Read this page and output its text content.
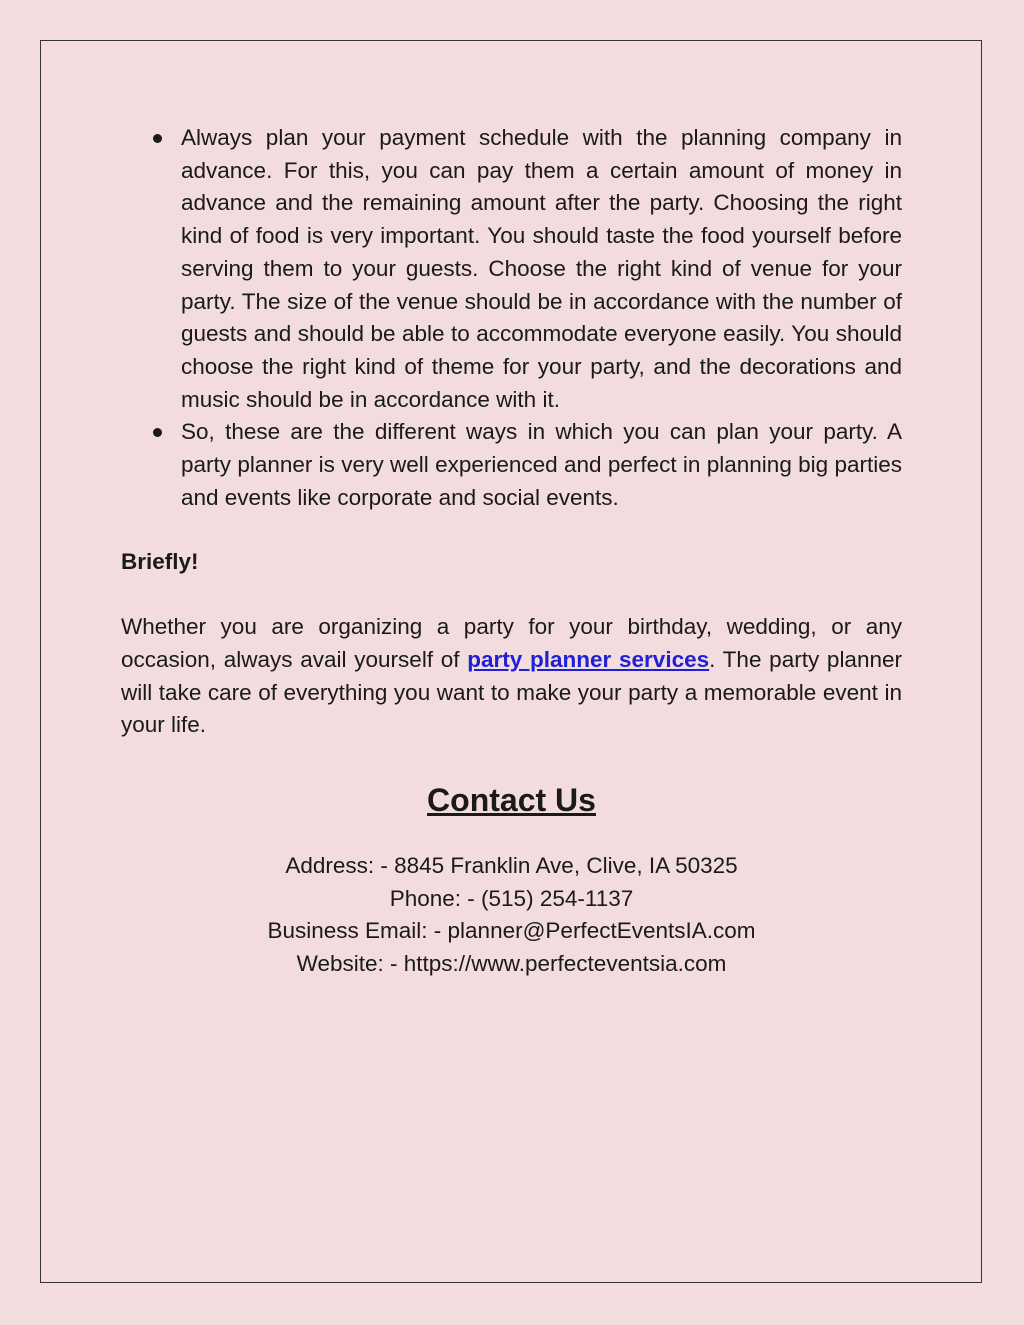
Always plan your payment schedule with the planning company in advance. For this, you can pay them a certain amount of money in advance and the remaining amount after the party. Choosing the right kind of food is very important. You should taste the food yourself before serving them to your guests. Choose the right kind of venue for your party. The size of the venue should be in accordance with the number of guests and should be able to accommodate everyone easily. You should choose the right kind of theme for your party, and the decorations and music should be in accordance with it.
So, these are the different ways in which you can plan your party. A party planner is very well experienced and perfect in planning big parties and events like corporate and social events.
Briefly!

Whether you are organizing a party for your birthday, wedding, or any occasion, always avail yourself of party planner services. The party planner will take care of everything you want to make your party a memorable event in your life.

Contact Us
Address: - 8845 Franklin Ave, Clive, IA 50325
Phone: - (515) 254-1137
Business Email: - planner@PerfectEventsIA.com
Website: - https://www.perfecteventsia.com
